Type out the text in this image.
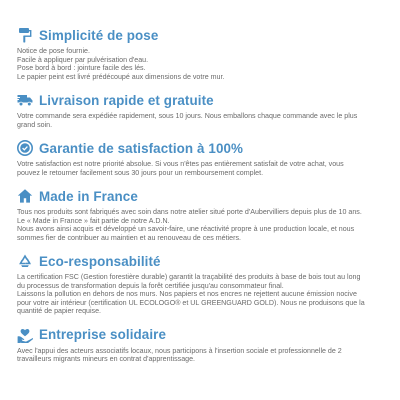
Simplicité de pose
Notice de pose fournie.
Facile à appliquer par pulvérisation d'eau.
Pose bord à bord : jointure facile des lés.
Le papier peint est livré prédécoupé aux dimensions de votre mur.
Livraison rapide et gratuite
Votre commande sera expédiée rapidement, sous 10 jours. Nous emballons chaque commande avec le plus
grand soin.
Garantie de satisfaction à 100%
Votre satisfaction est notre priorité absolue. Si vous n'êtes pas entièrement satisfait de votre achat, vous
pouvez le retourner facilement sous 30 jours pour un remboursement complet.
Made in France
Tous nos produits sont fabriqués avec soin dans notre atelier situé porte d'Aubervilliers depuis plus de 10 ans.
Le « Made in France » fait partie de notre A.D.N.
Nous avons ainsi acquis et développé un savoir-faire, une réactivité propre à une production locale, et nous
sommes fier de contribuer au maintien et au renouveau de ces métiers.
Eco-responsabilité
La certification FSC (Gestion forestière durable) garantit la traçabilité des produits à base de bois tout au long
du processus de transformation depuis la forêt certifiée jusqu'au consommateur final.
Laissons la pollution en dehors de nos murs. Nos papiers et nos encres ne rejettent aucune émission nocive
pour votre air intérieur (certification UL ECOLOGO® et UL GREENGUARD GOLD). Nous ne produisons que la
quantité de papier requise.
Entreprise solidaire
Avec l'appui des acteurs associatifs locaux, nous participons à l'insertion sociale et professionnelle de 2
travailleurs migrants mineurs en contrat d'apprentissage.
